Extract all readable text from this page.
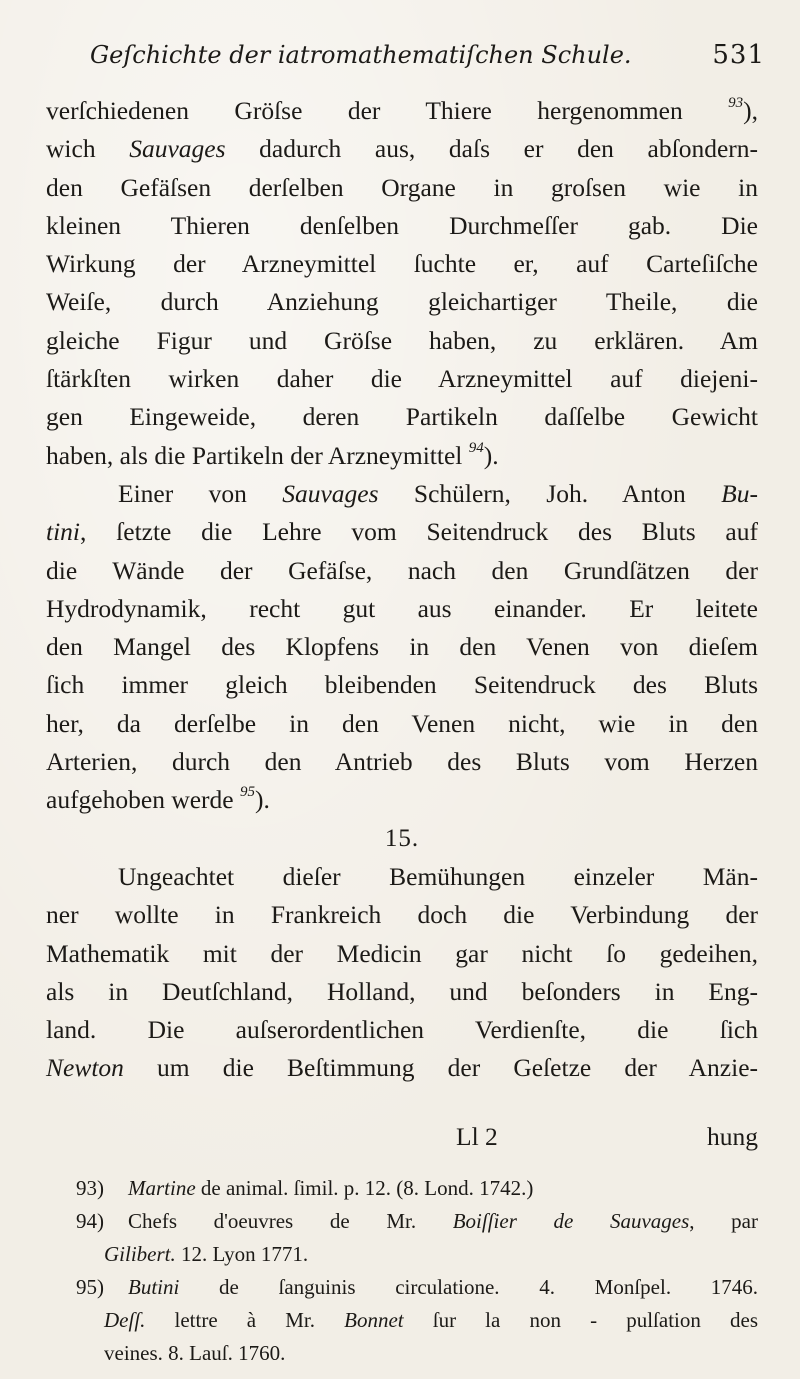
Geſchichte der iatromathematiſchen Schule.	531
verſchiedenen Gröſse der Thiere hergenommen	$^{93}$),
wich Sauvages dadurch aus, daſs er den abſondern-
den Gefäſsen derſelben Organe in groſsen wie in
kleinen Thieren denſelben Durchmeſſer gab. Die
Wirkung der Arzneymittel ſuchte er, auf Carteſiſche
Weiſe, durch Anziehung gleichartiger Theile, die
gleiche Figur und Gröſse haben, zu erklären. Am
ſtärkſten wirken daher die Arzneymittel auf diejeni-
gen Eingeweide, deren Partikeln daſſelbe Gewicht
haben, als die Partikeln der Arzneymittel $^{94}$).
Einer von Sauvages Schülern, Joh. Anton Bu-
tini, ſetzte die Lehre vom Seitendruck des Bluts auf
die Wände der Gefäſse, nach den Grundſätzen der
Hydrodynamik, recht gut aus einander. Er leitete
den Mangel des Klopfens in den Venen von dieſem
ſich immer gleich bleibenden Seitendruck des Bluts
her, da derſelbe in den Venen nicht, wie in den
Arterien, durch den Antrieb des Bluts vom Herzen
aufgehoben werde $^{95}$).
15.
Ungeachtet dieſer Bemühungen einzeler Män-
ner wollte in Frankreich doch die Verbindung der
Mathematik mit der Medicin gar nicht ſo gedeihen,
als in Deutſchland, Holland, und beſonders in Eng-
land. Die auſserordentlichen Verdienſte, die ſich
Newton um die Beſtimmung der Geſetze der Anzie-
Ll 2	hung
93) Martine de animal. ſimil. p. 12. (8. Lond. 1742.)
94) Chefs d'oeuvres de Mr. Boiſſier de Sauvages, par
Gilibert. 12. Lyon 1771.
95) Butini de ſanguinis circulatione. 4. Monſpel. 1746.
Deſſ. lettre à Mr. Bonnet ſur la non - pulſation des
veines. 8. Lauſ. 1760.
